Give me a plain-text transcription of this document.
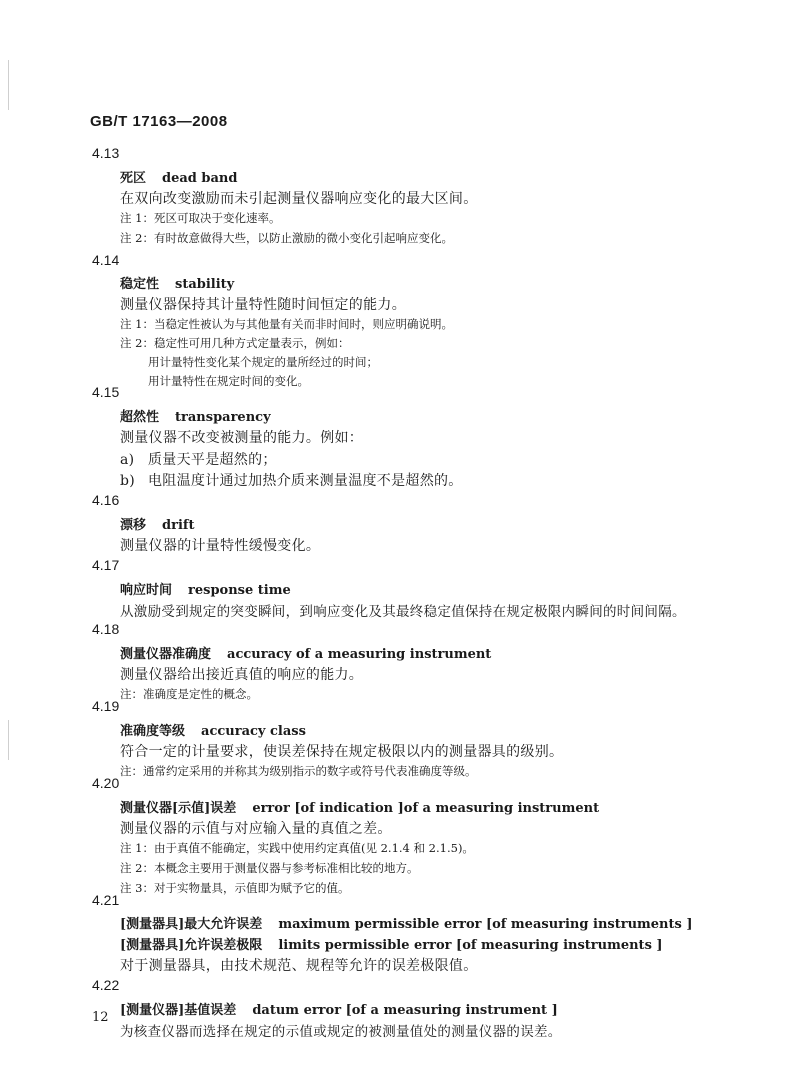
GB/T 17163—2008
4.13
死区 dead band
在双向改变激励而未引起测量仪器响应变化的最大区间。
注 1：死区可取决于变化速率。
注 2：有时故意做得大些，以防止激励的微小变化引起响应变化。
4.14
稳定性 stability
测量仪器保持其计量特性随时间恒定的能力。
注 1：当稳定性被认为与其他量有关而非时间时，则应明确说明。
注 2：稳定性可用几种方式定量表示，例如：
用计量特性变化某个规定的量所经过的时间；
用计量特性在规定时间的变化。
4.15
超然性 transparency
测量仪器不改变被测量的能力。例如：
a) 质量天平是超然的；
b) 电阻温度计通过加热介质来测量温度不是超然的。
4.16
漂移 drift
测量仪器的计量特性缓慢变化。
4.17
响应时间 response time
从激励受到规定的突变瞬间，到响应变化及其最终稳定值保持在规定极限内瞬间的时间间隔。
4.18
测量仪器准确度 accuracy of a measuring instrument
测量仪器给出接近真值的响应的能力。
注：准确度是定性的概念。
4.19
准确度等级 accuracy class
符合一定的计量要求，使误差保持在规定极限以内的测量器具的级别。
注：通常约定采用的并称其为级别指示的数字或符号代表准确度等级。
4.20
测量仪器[示值]误差 error [of indication ]of a measuring instrument
测量仪器的示值与对应输入量的真值之差。
注 1：由于真值不能确定，实践中使用约定真值(见 2.1.4 和 2.1.5)。
注 2：本概念主要用于测量仪器与参考标准相比较的地方。
注 3：对于实物量具，示值即为赋予它的值。
4.21
[测量器具]最大允许误差 maximum permissible error [of measuring instruments ]
[测量器具]允许误差极限 limits permissible error [of measuring instruments ]
对于测量器具，由技术规范、规程等允许的误差极限值。
4.22
[测量仪器]基值误差 datum error [of a measuring instrument ]
为核查仪器而选择在规定的示值或规定的被测量值处的测量仪器的误差。
12
